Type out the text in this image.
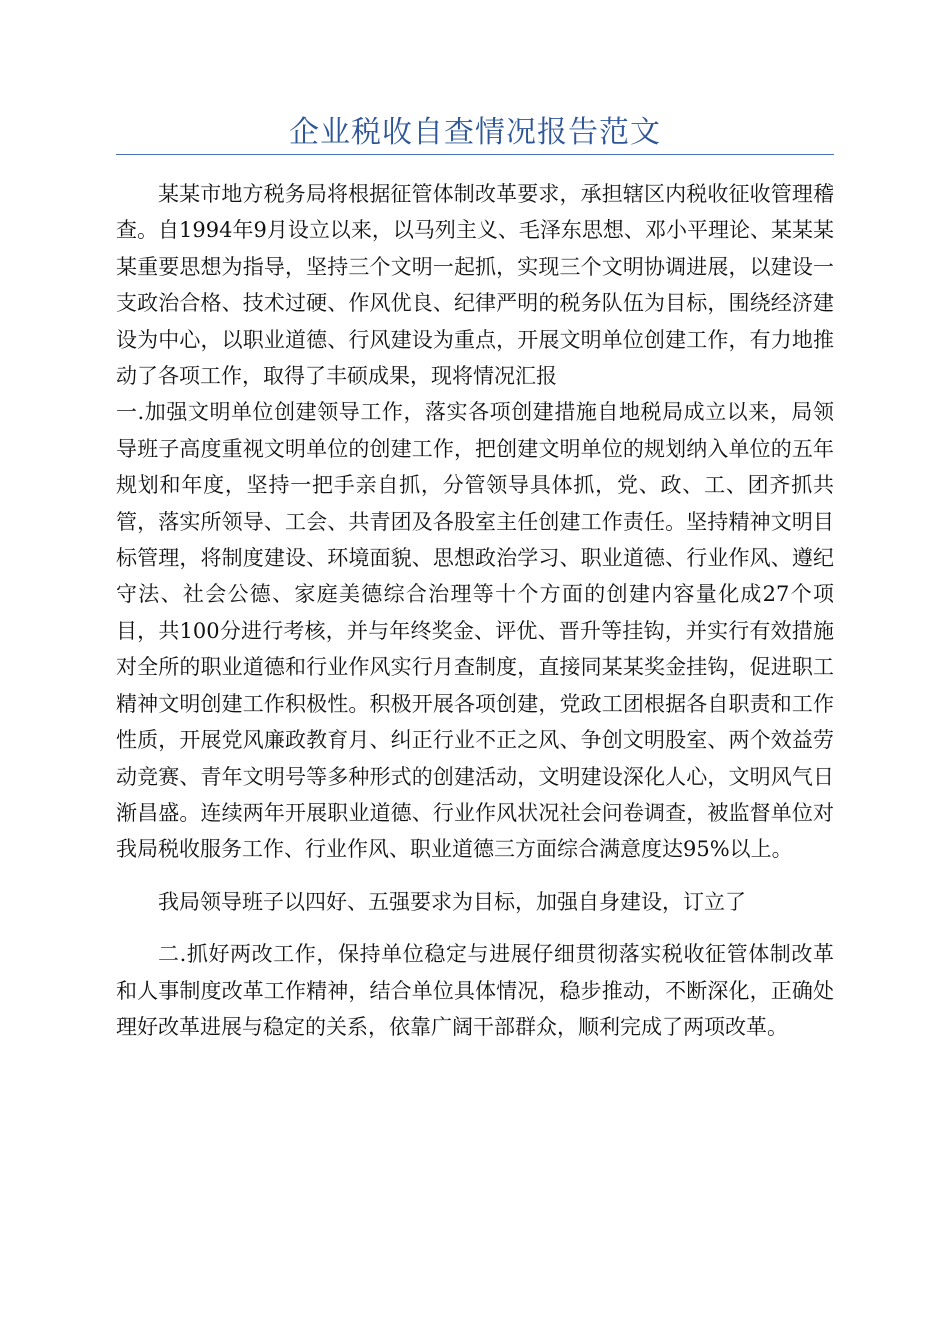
企业税收自查情况报告范文

某某市地方税务局将根据征管体制改革要求，承担辖区内税收征收管理稽查。自1994年9月设立以来，以马列主义、毛泽东思想、邓小平理论、某某某某重要思想为指导，坚持三个文明一起抓，实现三个文明协调进展，以建设一支政治合格、技术过硬、作风优良、纪律严明的税务队伍为目标，围绕经济建设为中心，以职业道德、行风建设为重点，开展文明单位创建工作，有力地推动了各项工作，取得了丰硕成果，现将情况汇报

一.加强文明单位创建领导工作，落实各项创建措施自地税局成立以来，局领导班子高度重视文明单位的创建工作，把创建文明单位的规划纳入单位的五年规划和年度，坚持一把手亲自抓，分管领导具体抓，党、政、工、团齐抓共管，落实所领导、工会、共青团及各股室主任创建工作责任。坚持精神文明目标管理，将制度建设、环境面貌、思想政治学习、职业道德、行业作风、遵纪守法、社会公德、家庭美德综合治理等十个方面的创建内容量化成27个项目，共100分进行考核，并与年终奖金、评优、晋升等挂钩，并实行有效措施对全所的职业道德和行业作风实行月查制度，直接同某某奖金挂钩，促进职工精神文明创建工作积极性。积极开展各项创建，党政工团根据各自职责和工作性质，开展党风廉政教育月、纠正行业不正之风、争创文明股室、两个效益劳动竞赛、青年文明号等多种形式的创建活动，文明建设深化人心，文明风气日渐昌盛。连续两年开展职业道德、行业作风状况社会问卷调查，被监督单位对我局税收服务工作、行业作风、职业道德三方面综合满意度达95%以上。

我局领导班子以四好、五强要求为目标，加强自身建设，订立了

二.抓好两改工作，保持单位稳定与进展仔细贯彻落实税收征管体制改革和人事制度改革工作精神，结合单位具体情况，稳步推动，不断深化，正确处理好改革进展与稳定的关系，依靠广阔干部群众，顺利完成了两项改革。
